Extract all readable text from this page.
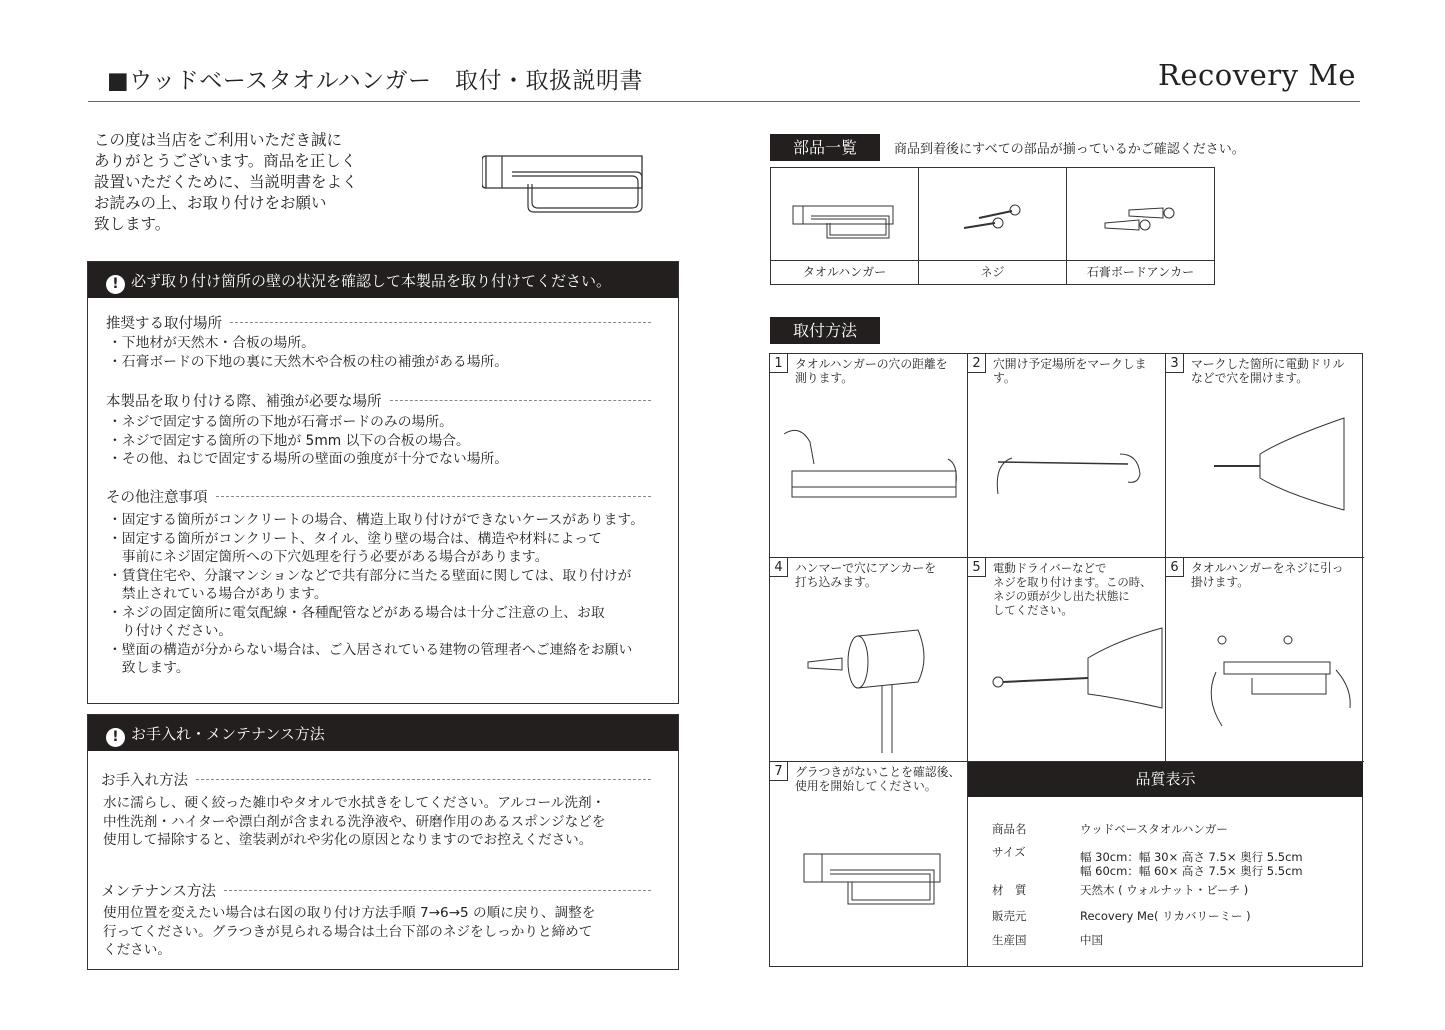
■ウッドベースタオルハンガー　取付・取扱説明書	Recovery Me
この度は当店をご利用いただき誠に
ありがとうございます。商品を正しく
設置いただくために、当説明書をよく
お読みの上、お取り付けをお願い
致します。
! 必ず取り付け箇所の壁の状況を確認して本製品を取り付けてください。
推奨する取付場所
・下地材が天然木・合板の場所。
・石膏ボードの下地の裏に天然木や合板の柱の補強がある場所。
本製品を取り付ける際、補強が必要な場所
・ネジで固定する箇所の下地が石膏ボードのみの場所。
・ネジで固定する箇所の下地が 5mm 以下の合板の場合。
・その他、ねじで固定する場所の壁面の強度が十分でない場所。
その他注意事項
・固定する箇所がコンクリートの場合、構造上取り付けができないケースがあります。
・固定する箇所がコンクリート、タイル、塗り壁の場合は、構造や材料によって
　事前にネジ固定箇所への下穴処理を行う必要がある場合があります。
・賃貸住宅や、分譲マンションなどで共有部分に当たる壁面に関しては、取り付けが
　禁止されている場合があります。
・ネジの固定箇所に電気配線・各種配管などがある場合は十分ご注意の上、お取
　り付けください。
・壁面の構造が分からない場合は、ご入居されている建物の管理者へご連絡をお願い
　致します。
! お手入れ・メンテナンス方法
お手入れ方法
水に濡らし、硬く絞った雑巾やタオルで水拭きをしてください。アルコール洗剤・
中性洗剤・ハイターや漂白剤が含まれる洗浄液や、研磨作用のあるスポンジなどを
使用して掃除すると、塗装剥がれや劣化の原因となりますのでお控えください。
メンテナンス方法
使用位置を変えたい場合は右図の取り付け方法手順 7→6→5 の順に戻り、調整を
行ってください。グラつきが見られる場合は土台下部のネジをしっかりと締めて
ください。
部品一覧	商品到着後にすべての部品が揃っているかご確認ください。
タオルハンガー	ネジ	石膏ボードアンカー
取付方法
1	タオルハンガーの穴の距離を
測ります。
2	穴開け予定場所をマークします。
3	マークした箇所に電動ドリル
などで穴を開けます。
4	ハンマーで穴にアンカーを
打ち込みます。
5	電動ドライバーなどで
ネジを取り付けます。この時、
ネジの頭が少し出た状態に
してください。
6	タオルハンガーをネジに引っ
掛けます。
7	グラつきがないことを確認後、
使用を開始してください。	品質表示
商品名	ウッドベースタオルハンガー
サイズ	幅 30cm：幅 30× 高さ 7.5× 奥行 5.5cm
幅 60cm：幅 60× 高さ 7.5× 奥行 5.5cm
材　質	天然木 ( ウォルナット・ビーチ )
販売元	Recovery Me( リカバリーミー )
生産国	中国
